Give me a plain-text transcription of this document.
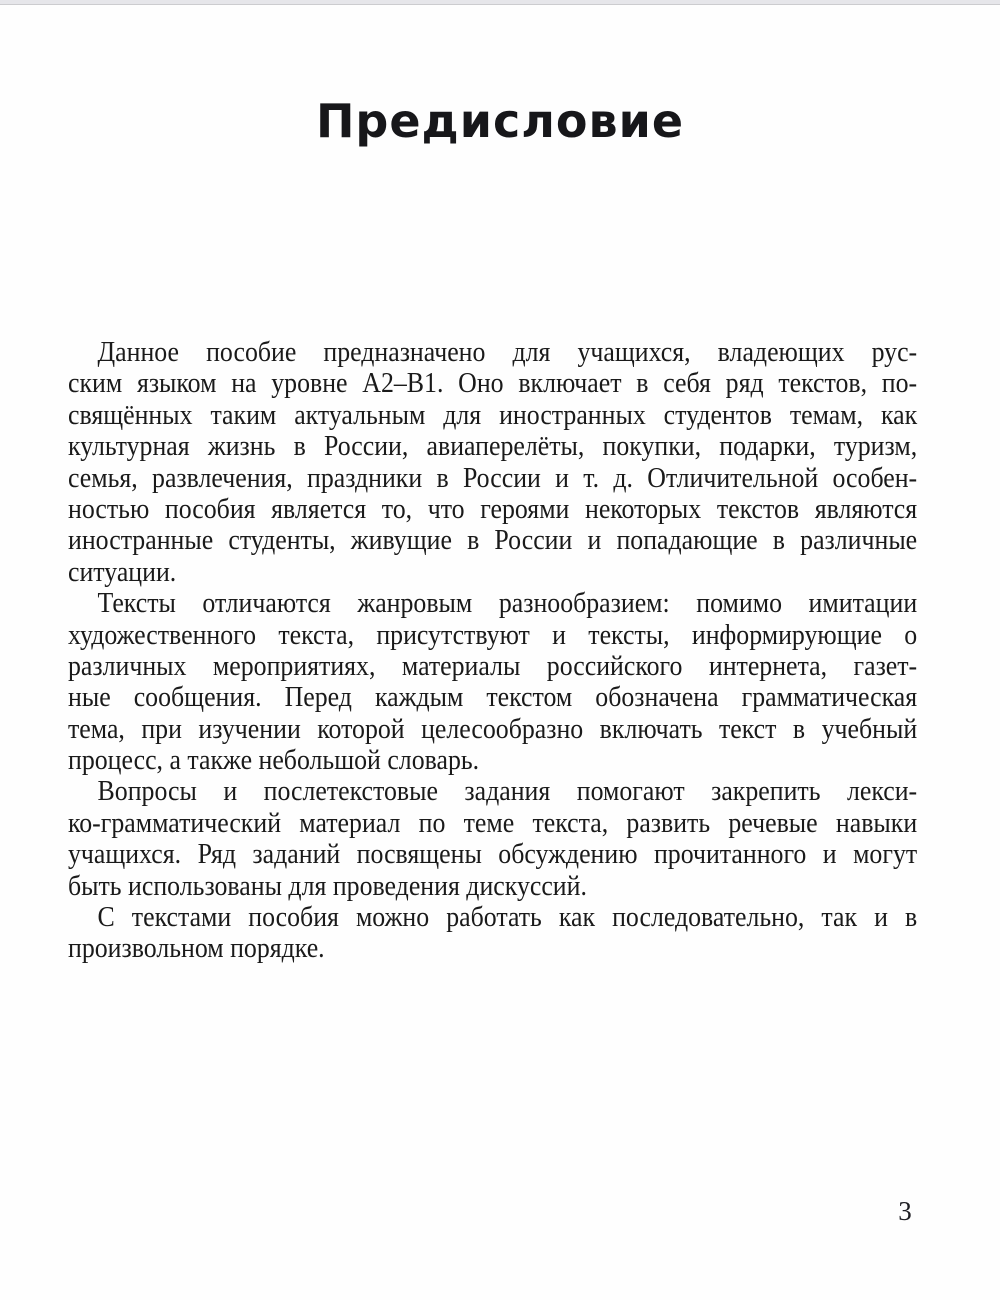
Предисловие
Данное пособие предназначено для учащихся, владеющих рус-
ским языком на уровне А2–В1. Оно включает в себя ряд текстов, по-
свящённых таким актуальным для иностранных студентов темам, как
культурная жизнь в России, авиаперелёты, покупки, подарки, туризм,
семья, развлечения, праздники в России и т. д. Отличительной особен-
ностью пособия является то, что героями некоторых текстов являются
иностранные студенты, живущие в России и попадающие в различные
ситуации.
Тексты отличаются жанровым разнообразием: помимо имитации
художественного текста, присутствуют и тексты, информирующие о
различных мероприятиях, материалы российского интернета, газет-
ные сообщения. Перед каждым текстом обозначена грамматическая
тема, при изучении которой целесообразно включать текст в учебный
процесс, а также небольшой словарь.
Вопросы и послетекстовые задания помогают закрепить лекси-
ко-грамматический материал по теме текста, развить речевые навыки
учащихся. Ряд заданий посвящены обсуждению прочитанного и могут
быть использованы для проведения дискуссий.
С текстами пособия можно работать как последовательно, так и в
произвольном порядке.
3
